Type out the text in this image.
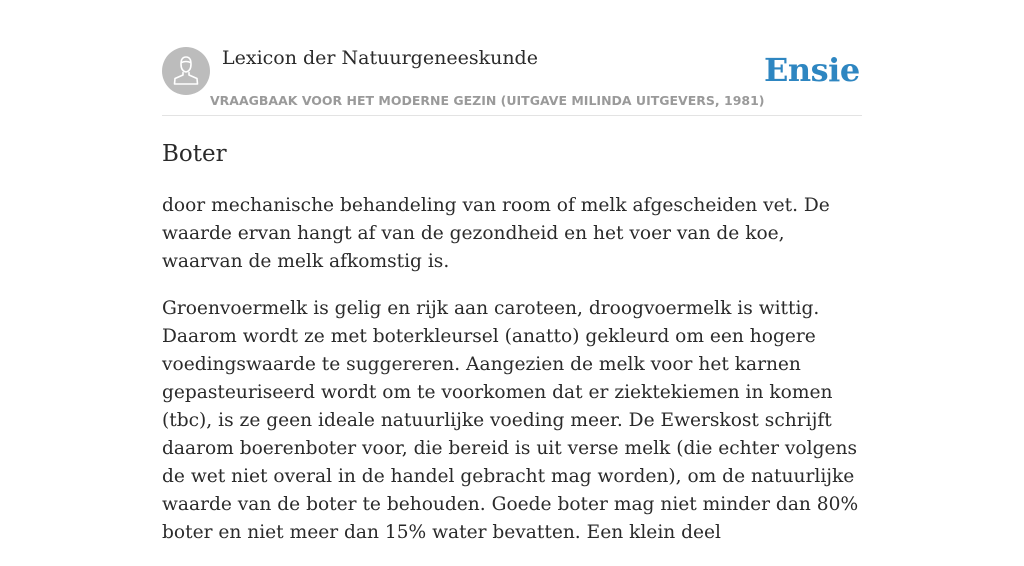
Lexicon der Natuurgeneeskunde
VRAAGBAAK VOOR HET MODERNE GEZIN (UITGAVE MILINDA UITGEVERS, 1981)
Ensie
Boter

door mechanische behandeling van room of melk afgescheiden vet. De waarde ervan hangt af van de gezondheid en het voer van de koe, waarvan de melk afkomstig is.

Groenvoermelk is gelig en rijk aan caroteen, droogvoermelk is wittig. Daarom wordt ze met boterkleursel (anatto) gekleurd om een hogere voedingswaarde te suggereren. Aangezien de melk voor het karnen gepasteuriseerd wordt om te voorkomen dat er ziektekiemen in komen (tbc), is ze geen ideale natuurlijke voeding meer. De Ewerskost schrijft daarom boerenboter voor, die bereid is uit verse melk (die echter volgens de wet niet overal in de handel gebracht mag worden), om de natuurlijke waarde van de boter te behouden. Goede boter mag niet minder dan 80% boter en niet meer dan 15% water bevatten. Een klein deel
